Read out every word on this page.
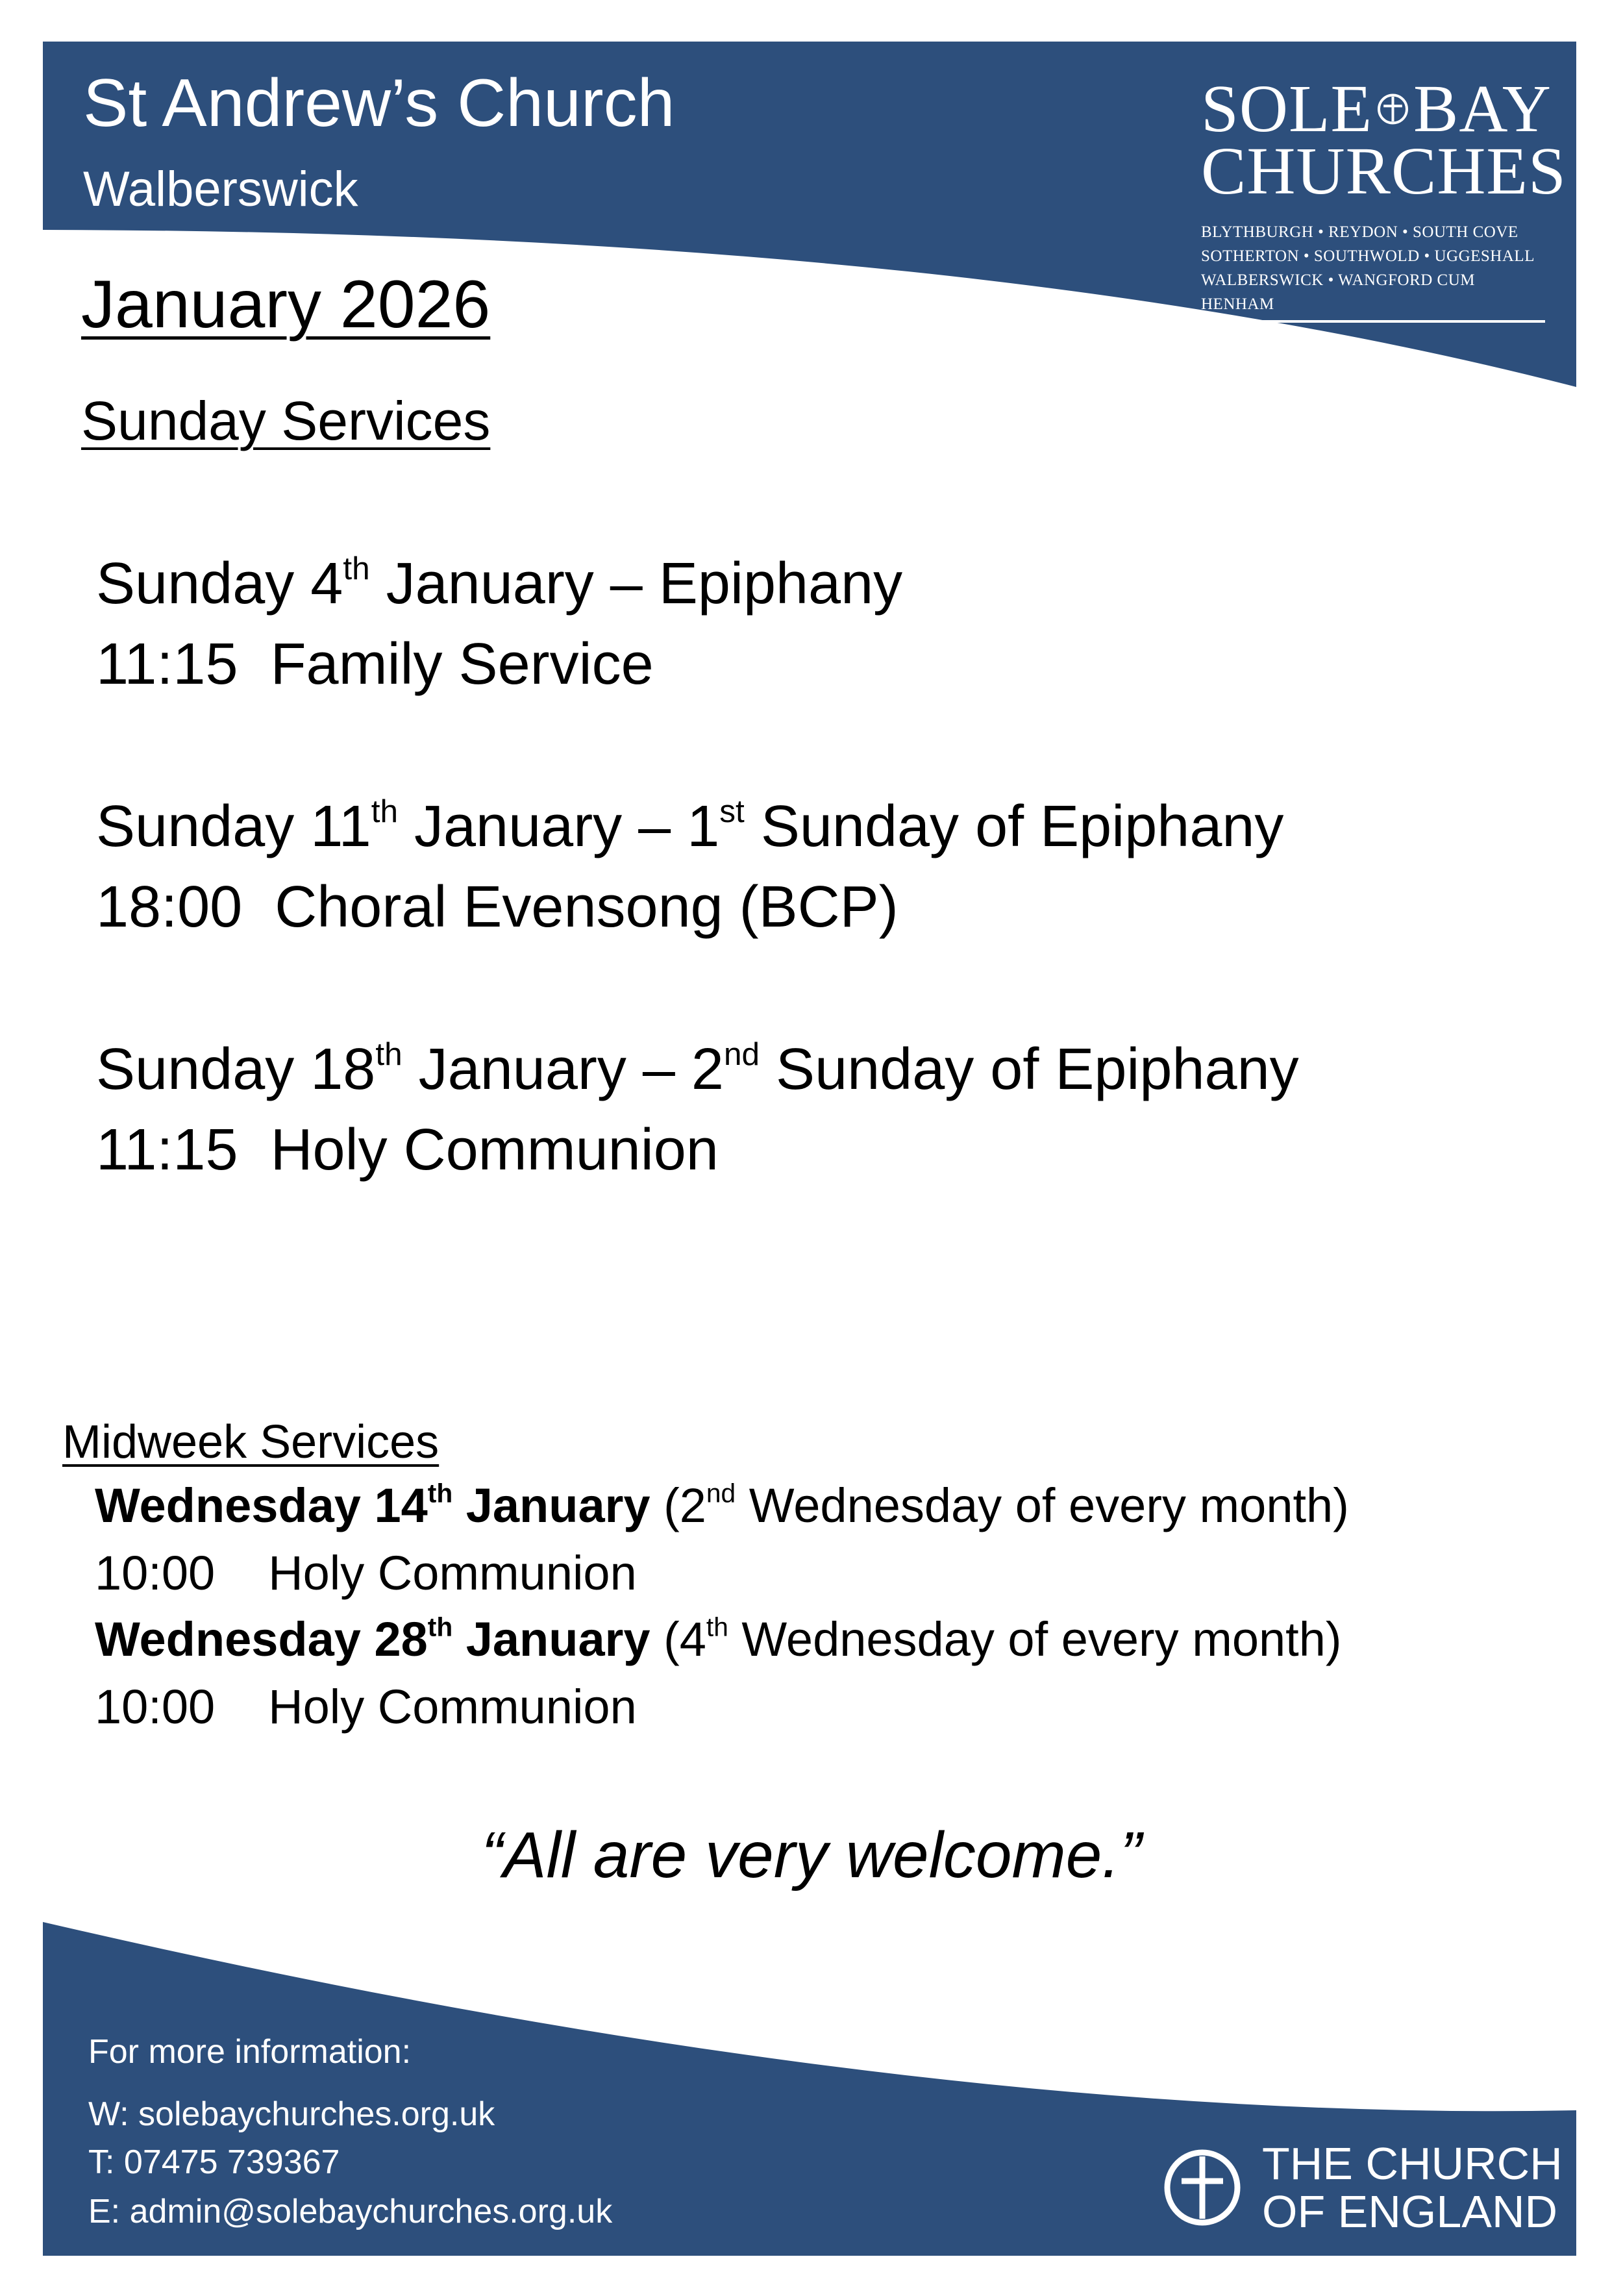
St Andrew’s Church
Walberswick
SOLE BAY
CHURCHES
BLYTHBURGH • REYDON • SOUTH COVE
SOTHERTON • SOUTHWOLD • UGGESHALL
WALBERSWICK • WANGFORD CUM HENHAM
January 2026
Sunday Services
Sunday 4th January – Epiphany
11:15 Family Service
Sunday 11th January – 1st Sunday of Epiphany
18:00 Choral Evensong (BCP)
Sunday 18th January – 2nd Sunday of Epiphany
11:15 Holy Communion
Midweek Services
Wednesday 14th January (2nd Wednesday of every month)
10:00 Holy Communion
Wednesday 28th January (4th Wednesday of every month)
10:00 Holy Communion
“All are very welcome.”
For more information:
W: solebaychurches.org.uk
T: 07475 739367
E: admin@solebaychurches.org.uk
THE CHURCH
OF ENGLAND
